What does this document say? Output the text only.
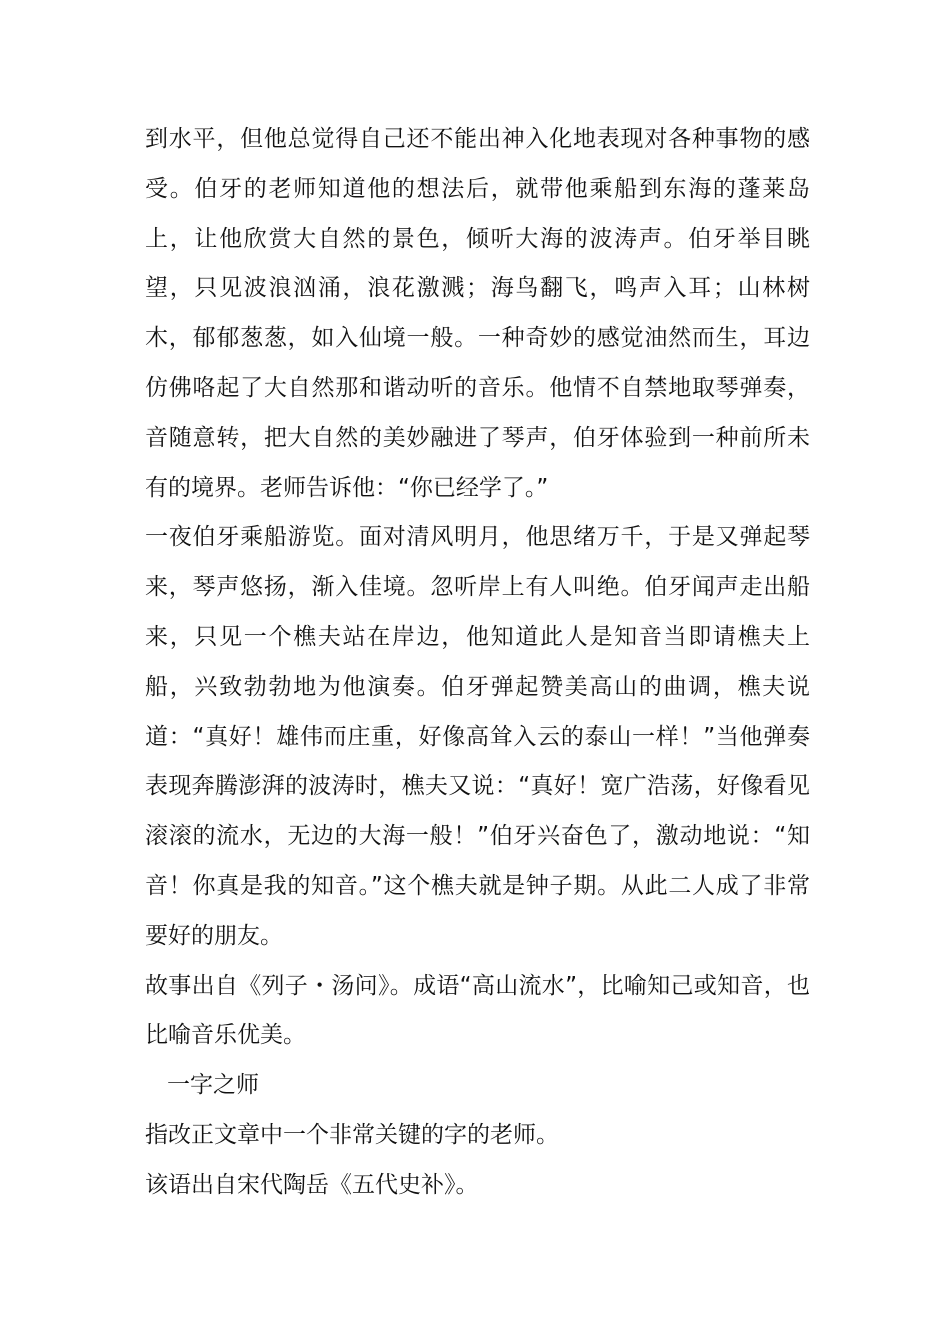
到水平，但他总觉得自己还不能出神入化地表现对各种事物的感受。伯牙的老师知道他的想法后，就带他乘船到东海的蓬莱岛上，让他欣赏大自然的景色，倾听大海的波涛声。伯牙举目眺望，只见波浪汹涌，浪花激溅；海鸟翻飞，鸣声入耳；山林树木，郁郁葱葱，如入仙境一般。一种奇妙的感觉油然而生，耳边仿佛咯起了大自然那和谐动听的音乐。他情不自禁地取琴弹奏，音随意转，把大自然的美妙融进了琴声，伯牙体验到一种前所未有的境界。老师告诉他：“你已经学了。”

一夜伯牙乘船游览。面对清风明月，他思绪万千，于是又弹起琴来，琴声悠扬，渐入佳境。忽听岸上有人叫绝。伯牙闻声走出船来，只见一个樵夫站在岸边，他知道此人是知音当即请樵夫上船，兴致勃勃地为他演奏。伯牙弹起赞美高山的曲调，樵夫说道：“真好！雄伟而庄重，好像高耸入云的泰山一样！”当他弹奏表现奔腾澎湃的波涛时，樵夫又说：“真好！宽广浩荡，好像看见滚滚的流水，无边的大海一般！”伯牙兴奋色了，激动地说：“知音！你真是我的知音。”这个樵夫就是钟子期。从此二人成了非常要好的朋友。

故事出自《列子・汤问》。成语“高山流水”，比喻知己或知音，也比喻音乐优美。

一字之师

指改正文章中一个非常关键的字的老师。

该语出自宋代陶岳《五代史补》。
